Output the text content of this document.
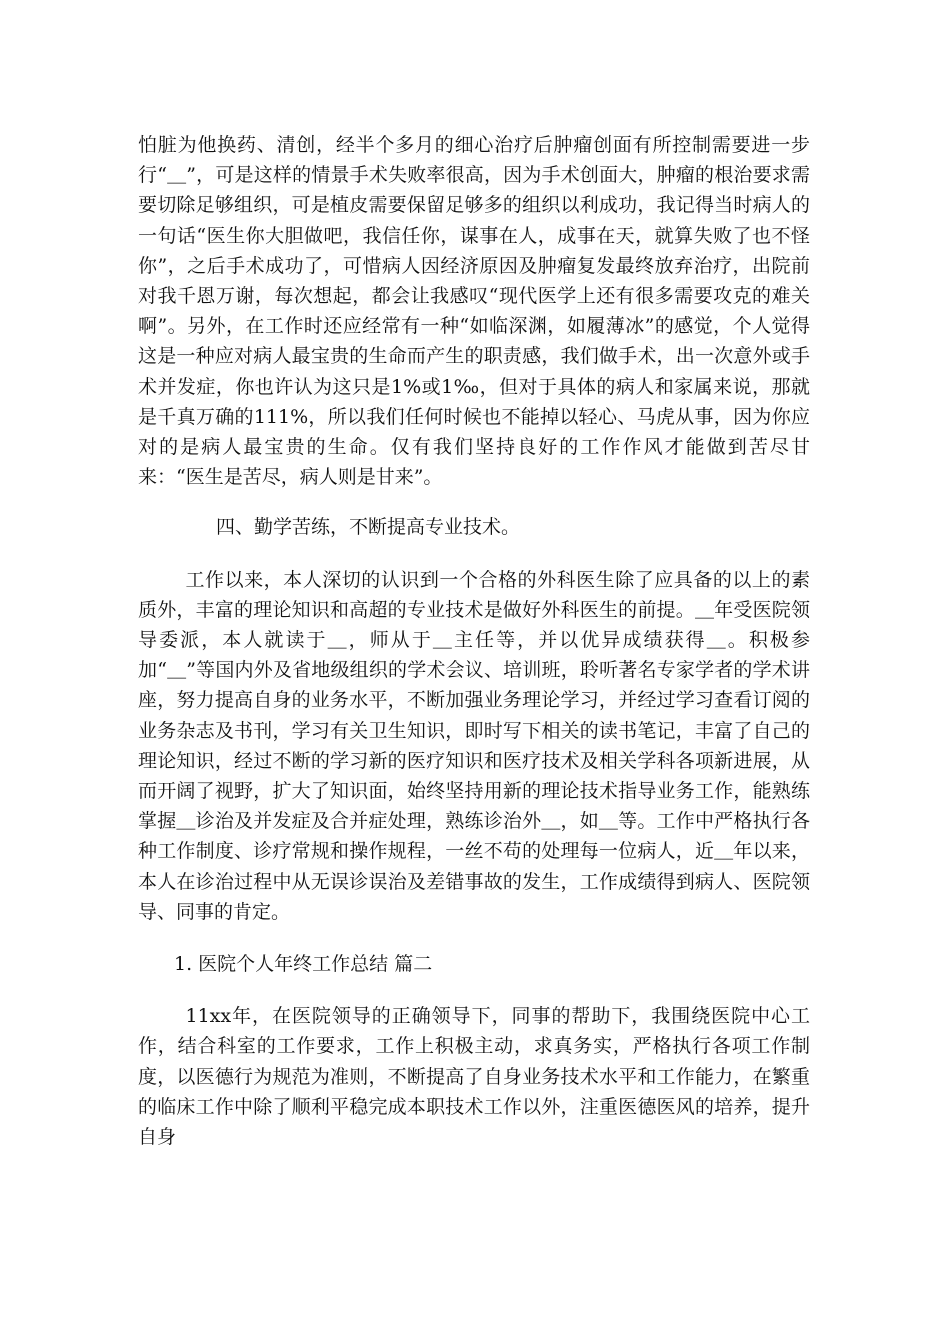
怕脏为他换药、清创，经半个多月的细心治疗后肿瘤创面有所控制需要进一步行“＿”，可是这样的情景手术失败率很高，因为手术创面大，肿瘤的根治要求需要切除足够组织，可是植皮需要保留足够多的组织以利成功，我记得当时病人的一句话“医生你大胆做吧，我信任你，谋事在人，成事在天，就算失败了也不怪你”，之后手术成功了，可惜病人因经济原因及肿瘤复发最终放弃治疗，出院前对我千恩万谢，每次想起，都会让我感叹“现代医学上还有很多需要攻克的难关啊”。另外，在工作时还应经常有一种“如临深渊，如履薄冰”的感觉，个人觉得这是一种应对病人最宝贵的生命而产生的职责感，我们做手术，出一次意外或手术并发症，你也许认为这只是1%或1‰，但对于具体的病人和家属来说，那就是千真万确的111%，所以我们任何时候也不能掉以轻心、马虎从事，因为你应对的是病人最宝贵的生命。仅有我们坚持良好的工作作风才能做到苦尽甘来：“医生是苦尽，病人则是甘来”。

四、勤学苦练，不断提高专业技术。

工作以来，本人深切的认识到一个合格的外科医生除了应具备的以上的素质外，丰富的理论知识和高超的专业技术是做好外科医生的前提。＿年受医院领导委派，本人就读于＿，师从于＿主任等，并以优异成绩获得＿。积极参加“＿”等国内外及省地级组织的学术会议、培训班，聆听著名专家学者的学术讲座，努力提高自身的业务水平，不断加强业务理论学习，并经过学习查看订阅的业务杂志及书刊，学习有关卫生知识，即时写下相关的读书笔记，丰富了自己的理论知识，经过不断的学习新的医疗知识和医疗技术及相关学科各项新进展，从而开阔了视野，扩大了知识面，始终坚持用新的理论技术指导业务工作，能熟练掌握＿诊治及并发症及合并症处理，熟练诊治外＿，如＿等。工作中严格执行各种工作制度、诊疗常规和操作规程，一丝不苟的处理每一位病人，近＿年以来，本人在诊治过程中从无误诊误治及差错事故的发生，工作成绩得到病人、医院领导、同事的肯定。

1. 医院个人年终工作总结 篇二

11xx年，在医院领导的正确领导下，同事的帮助下，我围绕医院中心工作，结合科室的工作要求，工作上积极主动，求真务实，严格执行各项工作制度，以医德行为规范为准则，不断提高了自身业务技术水平和工作能力，在繁重的临床工作中除了顺利平稳完成本职技术工作以外，注重医德医风的培养，提升自身
